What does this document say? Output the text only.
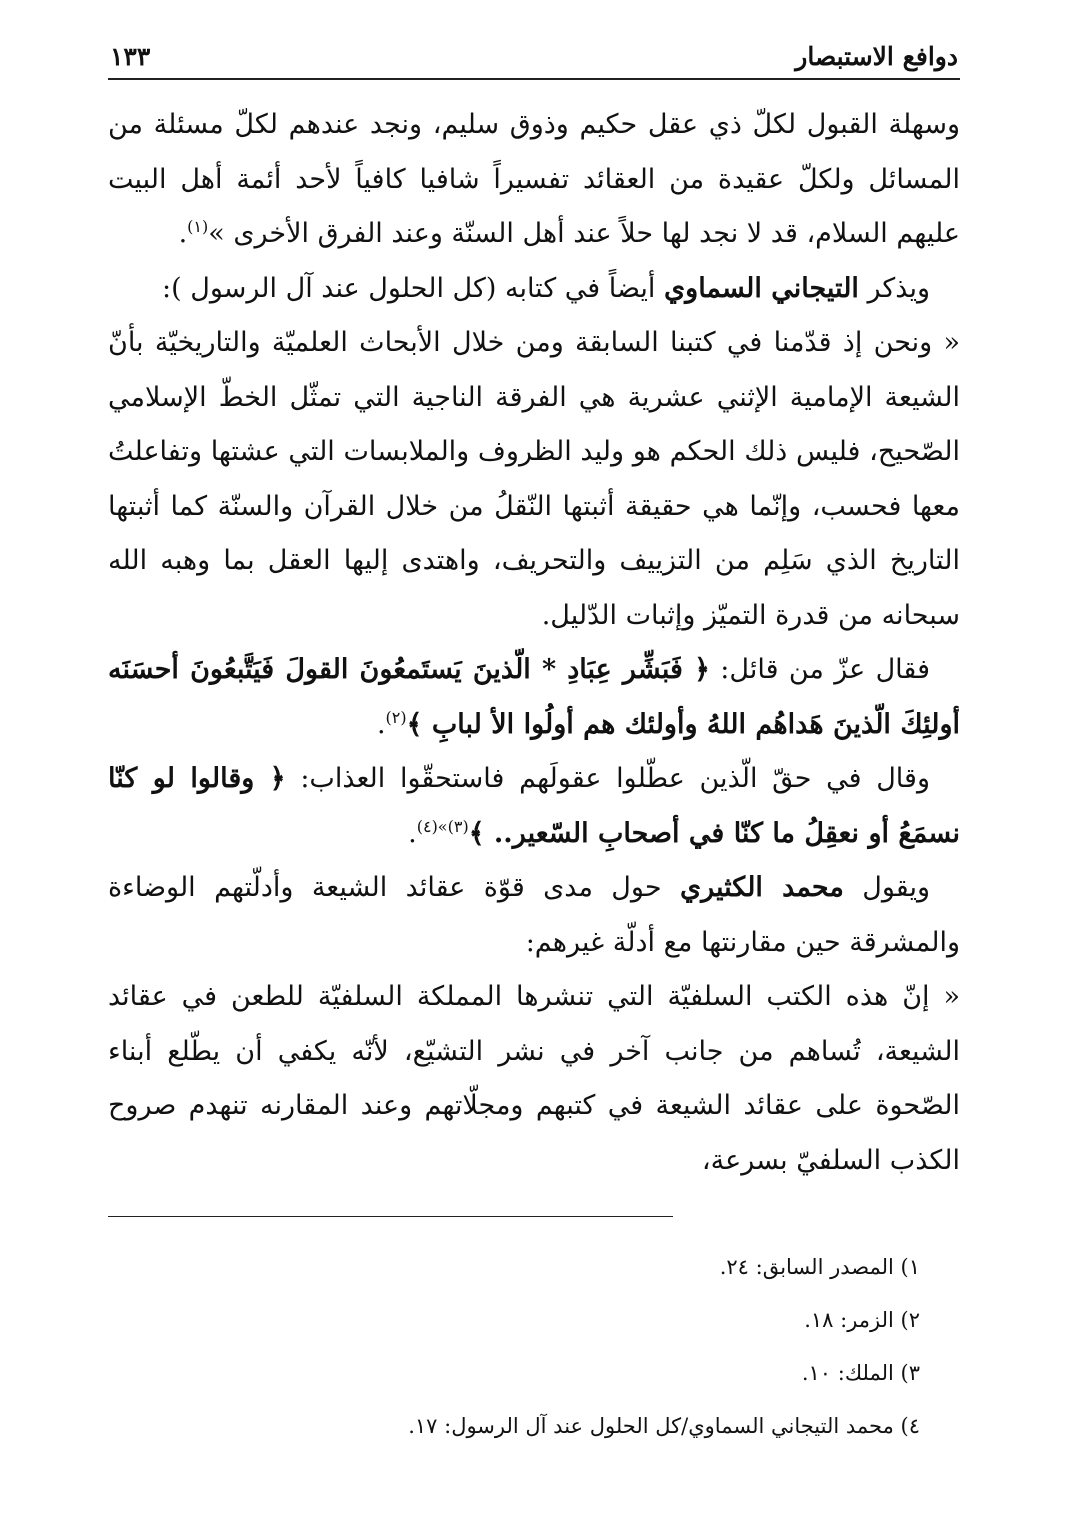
دوافع الاستبصار
١٣٣

وسهلة القبول لكلّ ذي عقل حكيم وذوق سليم، ونجد عندهم لكلّ مسئلة من المسائل ولكلّ عقيدة من العقائد تفسيراً شافيا كافياً لأحد أئمة أهل البيت عليهم السلام، قد لا نجد لها حلاً عند أهل السنّة وعند الفرق الأخرى »$^{(١)}$.

ويذكر التيجاني السماوي أيضاً في كتابه (كل الحلول عند آل الرسول ):

« ونحن إذ قدّمنا في كتبنا السابقة ومن خلال الأبحاث العلميّة والتاريخيّة بأنّ الشيعة الإمامية الإثني عشرية هي الفرقة الناجية التي تمثّل الخطّ الإسلامي الصّحيح، فليس ذلك الحكم هو وليد الظروف والملابسات التي عشتها وتفاعلتُ معها فحسب، وإنّما هي حقيقة أثبتها النّقلُ من خلال القرآن والسنّة كما أثبتها التاريخ الذي سَلِم من التزييف والتحريف، واهتدى إليها العقل بما وهبه الله سبحانه من قدرة التميّز وإثبات الدّليل.

فقال عزّ من قائل: ﴿ فَبَشِّر عِبَادِ * الّذينَ يَستَمعُونَ القولَ فَيَتَّبعُونَ أحسَنَه أولئِكَ الّذينَ هَداهُم اللهُ وأولئك هم أولُوا الأ لبابِ ﴾$^{(٢)}$.

وقال في حقّ الّذين عطّلوا عقولَهم فاستحقّوا العذاب: ﴿ وقالوا لو كنّا نسمَعُ أو نعقِلُ ما كنّا في أصحابِ السّعير.. ﴾$^{(٣)»(٤)}$.

ويقول محمد الكثيري حول مدى قوّة عقائد الشيعة وأدلّتهم الوضاءة والمشرقة حين مقارنتها مع أدلّة غيرهم:

« إنّ هذه الكتب السلفيّة التي تنشرها المملكة السلفيّة للطعن في عقائد الشيعة، تُساهم من جانب آخر في نشر التشيّع، لأنّه يكفي أن يطّلع أبناء الصّحوة على عقائد الشيعة في كتبهم ومجلّاتهم وعند المقارنه تنهدم صروح الكذب السلفيّ بسرعة،

١) المصدر السابق: ٢٤.
٢) الزمر: ١٨.
٣) الملك: ١٠.
٤) محمد التيجاني السماوي/كل الحلول عند آل الرسول: ١٧.
